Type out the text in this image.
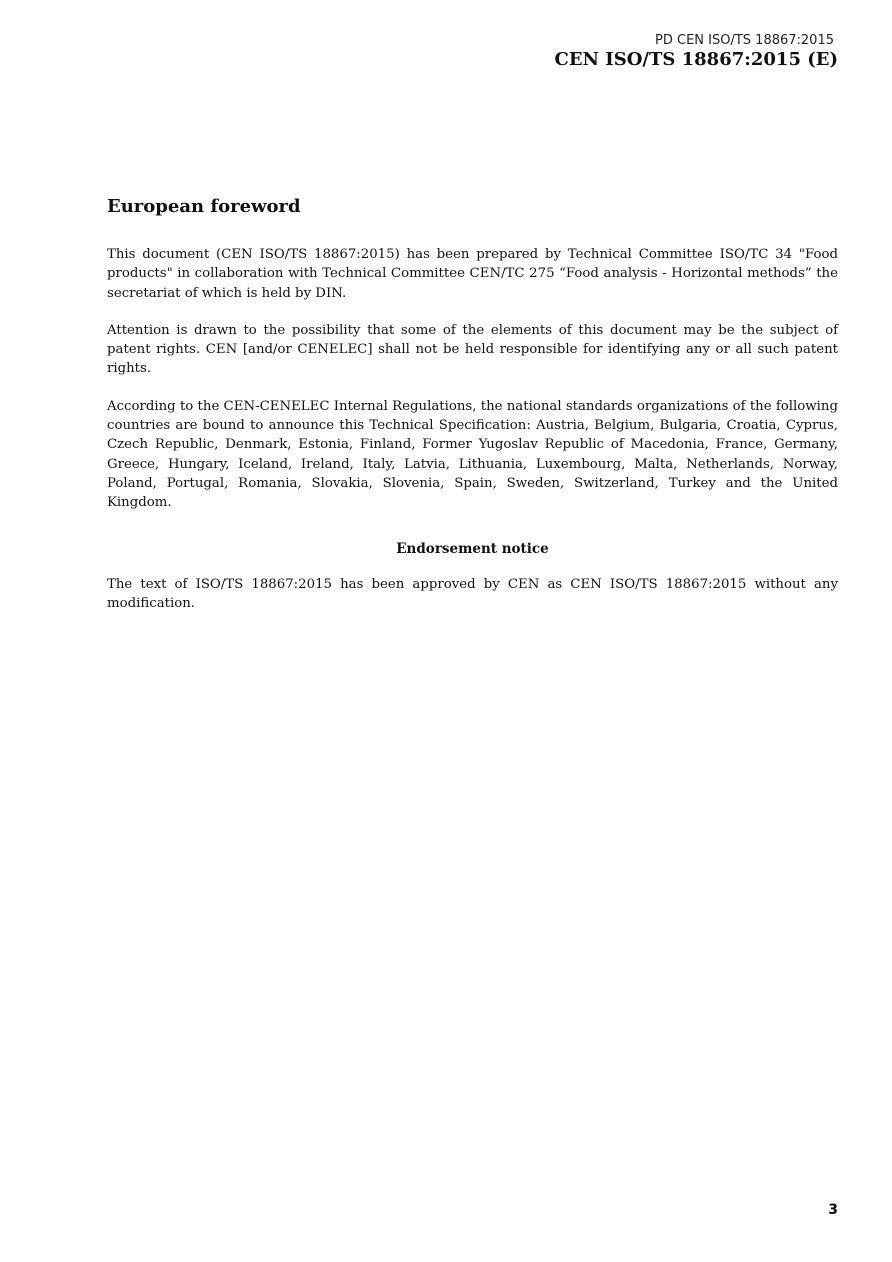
PD CEN ISO/TS 18867:2015
CEN ISO/TS 18867:2015 (E)
European foreword

This document (CEN ISO/TS 18867:2015) has been prepared by Technical Committee ISO/TC 34 "Food products" in collaboration with Technical Committee CEN/TC 275 “Food analysis - Horizontal methods” the secretariat of which is held by DIN.

Attention is drawn to the possibility that some of the elements of this document may be the subject of patent rights. CEN [and/or CENELEC] shall not be held responsible for identifying any or all such patent rights.

According to the CEN-CENELEC Internal Regulations, the national standards organizations of the following countries are bound to announce this Technical Specification: Austria, Belgium, Bulgaria, Croatia, Cyprus, Czech Republic, Denmark, Estonia, Finland, Former Yugoslav Republic of Macedonia, France, Germany, Greece, Hungary, Iceland, Ireland, Italy, Latvia, Lithuania, Luxembourg, Malta, Netherlands, Norway, Poland, Portugal, Romania, Slovakia, Slovenia, Spain, Sweden, Switzerland, Turkey and the United Kingdom.

Endorsement notice

The text of ISO/TS 18867:2015 has been approved by CEN as CEN ISO/TS 18867:2015 without any modification.

3
